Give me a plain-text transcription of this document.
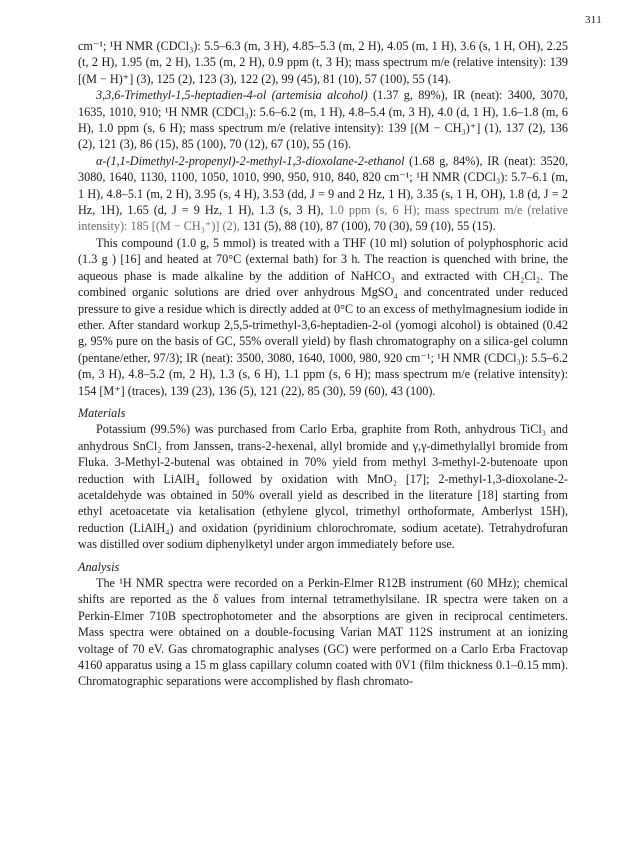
311

cm⁻¹; ¹H NMR (CDCl₃): 5.5–6.3 (m, 3 H), 4.85–5.3 (m, 2 H), 4.05 (m, 1 H), 3.6 (s, 1 H, OH), 2.25 (t, 2 H), 1.95 (m, 2 H), 1.35 (m, 2 H), 0.9 ppm (t, 3 H); mass spectrum m/e (relative intensity): 139 [(M − H)⁺] (3), 125 (2), 123 (3), 122 (2), 99 (45), 81 (10), 57 (100), 55 (14).

3,3,6-Trimethyl-1,5-heptadien-4-ol (artemisia alcohol) (1.37 g, 89%), IR (neat): 3400, 3070, 1635, 1010, 910; ¹H NMR (CDCl₃): 5.6–6.2 (m, 1 H), 4.8–5.4 (m, 3 H), 4.0 (d, 1 H), 1.6–1.8 (m, 6 H), 1.0 ppm (s, 6 H); mass spectrum m/e (relative intensity): 139 [(M − CH₃)⁺] (1), 137 (2), 136 (2), 121 (3), 86 (15), 85 (100), 70 (12), 67 (10), 55 (16).

α-(1,1-Dimethyl-2-propenyl)-2-methyl-1,3-dioxolane-2-ethanol (1.68 g, 84%), IR (neat): 3520, 3080, 1640, 1130, 1100, 1050, 1010, 990, 950, 910, 840, 820 cm⁻¹; ¹H NMR (CDCl₃): 5.7–6.1 (m, 1 H), 4.8–5.1 (m, 2 H), 3.95 (s, 4 H), 3.53 (dd, J = 9 and 2 Hz, 1 H), 3.35 (s, 1 H, OH), 1.8 (d, J = 2 Hz, 1H), 1.65 (d, J = 9 Hz, 1 H), 1.3 (s, 3 H), 1.0 ppm (s, 6 H); mass spectrum m/e (relative intensity): 185 [(M − CH₃⁺)] (2), 131 (5), 88 (10), 87 (100), 70 (30), 59 (10), 55 (15).

This compound (1.0 g, 5 mmol) is treated with a THF (10 ml) solution of polyphosphoric acid (1.3 g ) [16] and heated at 70°C (external bath) for 3 h. The reaction is quenched with brine, the aqueous phase is made alkaline by the addition of NaHCO₃ and extracted with CH₂Cl₂. The combined organic solutions are dried over anhydrous MgSO₄ and concentrated under reduced pressure to give a residue which is directly added at 0°C to an excess of methylmagnesium iodide in ether. After standard workup 2,5,5-trimethyl-3,6-heptadien-2-ol (yomogi alcohol) is obtained (0.42 g, 95% pure on the basis of GC, 55% overall yield) by flash chromatography on a silica-gel column (pentane/ether, 97/3); IR (neat): 3500, 3080, 1640, 1000, 980, 920 cm⁻¹; ¹H NMR (CDCl₃): 5.5–6.2 (m, 3 H), 4.8–5.2 (m, 2 H), 1.3 (s, 6 H), 1.1 ppm (s, 6 H); mass spectrum m/e (relative intensity): 154 [M⁺] (traces), 139 (23), 136 (5), 121 (22), 85 (30), 59 (60), 43 (100).

Materials

Potassium (99.5%) was purchased from Carlo Erba, graphite from Roth, anhydrous TiCl₃ and anhydrous SnCl₂ from Janssen, trans-2-hexenal, allyl bromide and γ,γ-dimethylallyl bromide from Fluka. 3-Methyl-2-butenal was obtained in 70% yield from methyl 3-methyl-2-butenoate upon reduction with LiAlH₄ followed by oxidation with MnO₂ [17]; 2-methyl-1,3-dioxolane-2-acetaldehyde was obtained in 50% overall yield as described in the literature [18] starting from ethyl acetoacetate via ketalisation (ethylene glycol, trimethyl orthoformate, Amberlyst 15H), reduction (LiAlH₄) and oxidation (pyridinium chlorochromate, sodium acetate). Tetrahydrofuran was distilled over sodium diphenylketyl under argon immediately before use.

Analysis

The ¹H NMR spectra were recorded on a Perkin-Elmer R12B instrument (60 MHz); chemical shifts are reported as the δ values from internal tetramethylsilane. IR spectra were taken on a Perkin-Elmer 710B spectrophotometer and the absorptions are given in reciprocal centimeters. Mass spectra were obtained on a double-focusing Varian MAT 112S instrument at an ionizing voltage of 70 eV. Gas chromatographic analyses (GC) were performed on a Carlo Erba Fractovap 4160 apparatus using a 15 m glass capillary column coated with 0V1 (film thickness 0.1–0.15 mm). Chromatographic separations were accomplished by flash chromato-
